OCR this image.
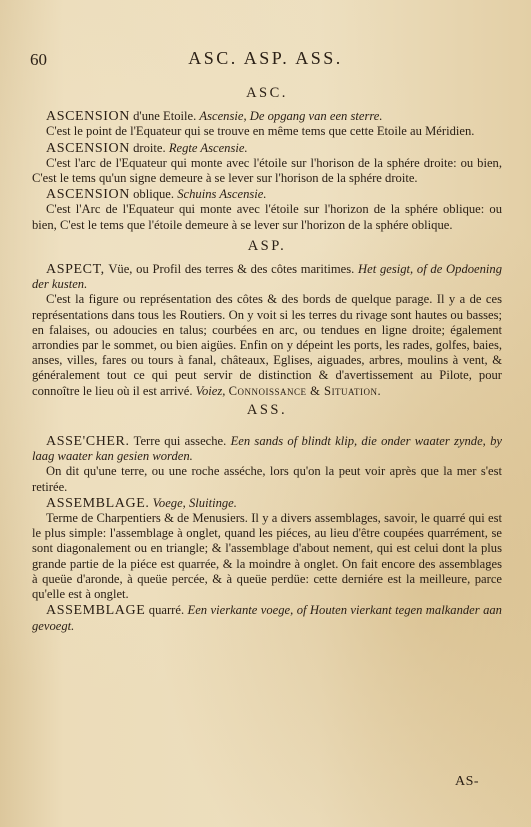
60	ASC. ASP. ASS.
ASC.
ASCENSION d'une Etoile. Ascensie, De opgang van een sterre.
C'est le point de l'Equateur qui se trouve en même tems que cette Etoile au Méridien.
ASCENSION droite. Regte Ascensie.
C'est l'arc de l'Equateur qui monte avec l'étoile sur l'horison de la sphére droite: ou bien, C'est le tems qu'un signe demeure à se lever sur l'horison de la sphére droite.
ASCENSION oblique. Schuins Ascensie.
C'est l'Arc de l'Equateur qui monte avec l'étoile sur l'horizon de la sphére oblique: ou bien, C'est le tems que l'étoile demeure à se lever sur l'horizon de la sphére oblique.
ASP.
ASPECT, Vüe, ou Profil des terres & des côtes maritimes. Het gesigt, of de Opdoening der kusten.
C'est la figure ou représentation des côtes & des bords de quelque parage. Il y a de ces représentations dans tous les Routiers. On y voit si les terres du rivage sont hautes ou basses; en falaises, ou adoucies en talus; courbées en arc, ou tendues en ligne droite; également arrondies par le sommet, ou bien aigües. Enfin on y dépeint les ports, les rades, golfes, baies, anses, villes, fares ou tours à fanal, châteaux, Eglises, aiguades, arbres, moulins à vent, & généralement tout ce qui peut servir de distinction & d'avertissement au Pilote, pour connoître le lieu où il est arrivé. Voiez, Connoissance & Situation.
ASS.
ASSE'CHER. Terre qui asseche. Een sands of blindt klip, die onder waater zynde, by laag waater kan gesien worden.
On dit qu'une terre, ou une roche asséche, lors qu'on la peut voir après que la mer s'est retirée.
ASSEMBLAGE. Voege, Sluitinge.
Terme de Charpentiers & de Menusiers. Il y a divers assemblages, savoir, le quarré qui est le plus simple: l'assemblage à onglet, quand les piéces, au lieu d'être coupées quarrément, se sont diagonalement ou en triangle; & l'assemblage d'about nement, qui est celui dont la plus grande partie de la piéce est quarrée, & la moindre à onglet. On fait encore des assemblages à queüe d'aronde, à queüe percée, & à queüe perdüe: cette derniére est la meilleure, parce qu'elle est à onglet.
ASSEMBLAGE quarré. Een vierkante voege, of Houten vierkant tegen malkander aan gevoegt.
AS-
